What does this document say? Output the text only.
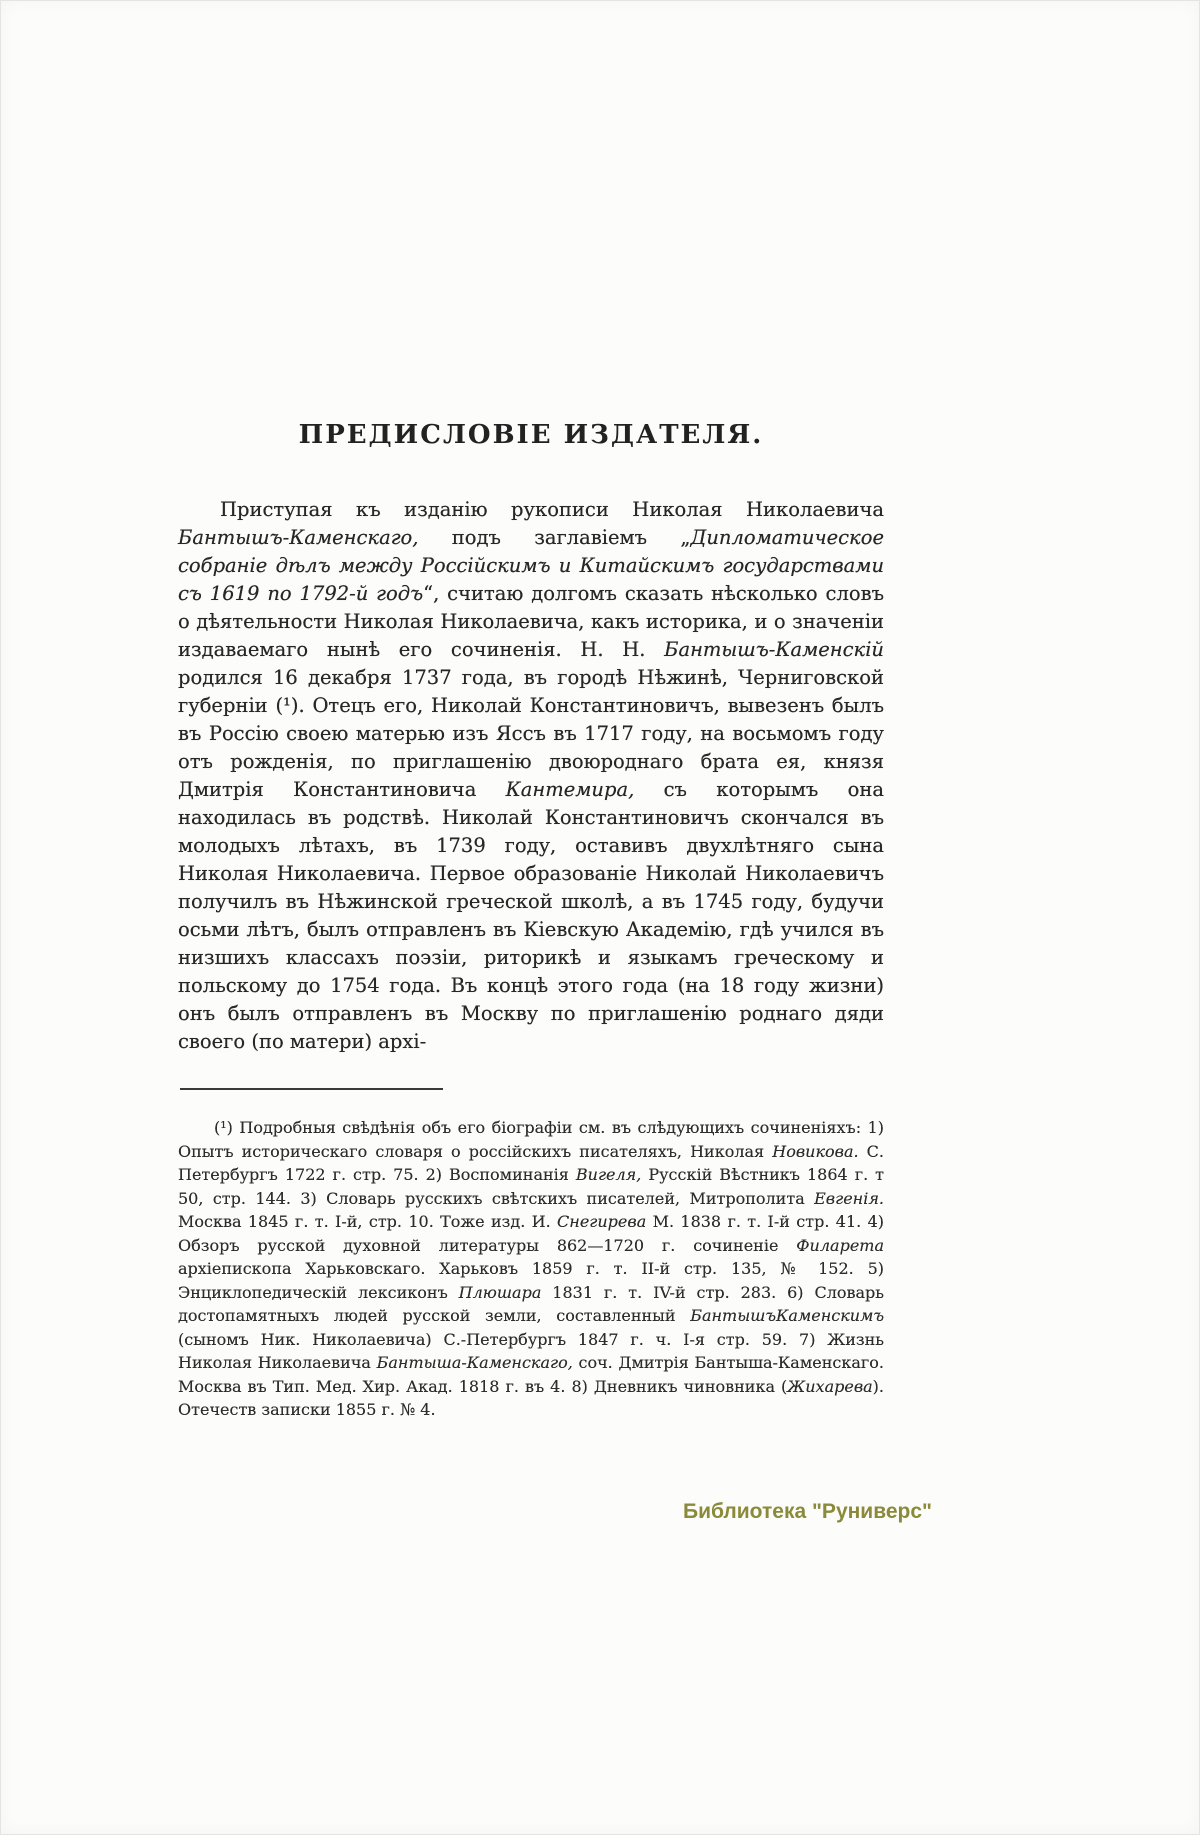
ПРЕДИСЛОВІЕ ИЗДАТЕЛЯ.

Приступая къ изданію рукописи Николая Николаевича Бантышъ-Каменскаго, подъ заглавіемъ „Дипломатическое собраніе дѣлъ между Россійскимъ и Китайскимъ государствами съ 1619 по 1792-й годъ“, считаю долгомъ сказать нѣсколько словъ о дѣятельности Николая Николаевича, какъ историка, и о значеніи издаваемаго нынѣ его сочиненія. Н. Н. Бантышъ-Каменскій родился 16 декабря 1737 года, въ городѣ Нѣжинѣ, Черниговской губерніи (¹). Отецъ его, Николай Константиновичъ, вывезенъ былъ въ Россію своею матерью изъ Яссъ въ 1717 году, на восьмомъ году отъ рожденія, по приглашенію двоюроднаго брата ея, князя Дмитрія Константиновича Кантемира, съ которымъ она находилась въ родствѣ. Николай Константиновичъ скончался въ молодыхъ лѣтахъ, въ 1739 году, оставивъ двухлѣтняго сына Николая Николаевича. Первое образованіе Николай Николаевичъ получилъ въ Нѣжинской греческой школѣ, а въ 1745 году, будучи осьми лѣтъ, былъ отправленъ въ Кіевскую Академію, гдѣ учился въ низшихъ классахъ поэзіи, риторикѣ и языкамъ греческому и польскому до 1754 года. Въ концѣ этого года (на 18 году жизни) онъ былъ отправленъ въ Москву по приглашенію роднаго дяди своего (по матери) архі-

(¹) Подробныя свѣдѣнія объ его біографіи см. въ слѣдующихъ сочиненіяхъ: 1) Опытъ историческаго словаря о россійскихъ писателяхъ, Николая Новикова. С. Петербургъ 1722 г. стр. 75. 2) Воспоминанія Вигеля, Русскій Вѣстникъ 1864 г. т 50, стр. 144. 3) Словарь русскихъ свѣтскихъ писателей, Митрополита Евгенія. Москва 1845 г. т. І-й, стр. 10. Тоже изд. И. Снегирева М. 1838 г. т. І-й стр. 41. 4) Обзоръ русской духовной литературы 862—1720 г. сочиненіе Филарета архіепископа Харьковскаго. Харьковъ 1859 г. т. ІІ-й стр. 135, № 152. 5) Энциклопедическій лексиконъ Плюшара 1831 г. т. ІV-й стр. 283. 6) Словарь достопамятныхъ людей русской земли, составленный БантышъКаменскимъ (сыномъ Ник. Николаевича) С.-Петербургъ 1847 г. ч. І-я стр. 59. 7) Жизнь Николая Николаевича Бантыша-Каменскаго, соч. Дмитрія Бантыша-Каменскаго. Москва въ Тип. Мед. Хир. Акад. 1818 г. въ 4. 8) Дневникъ чиновника (Жихарева). Отечеств записки 1855 г. № 4.

Библиотека "Руниверс"
